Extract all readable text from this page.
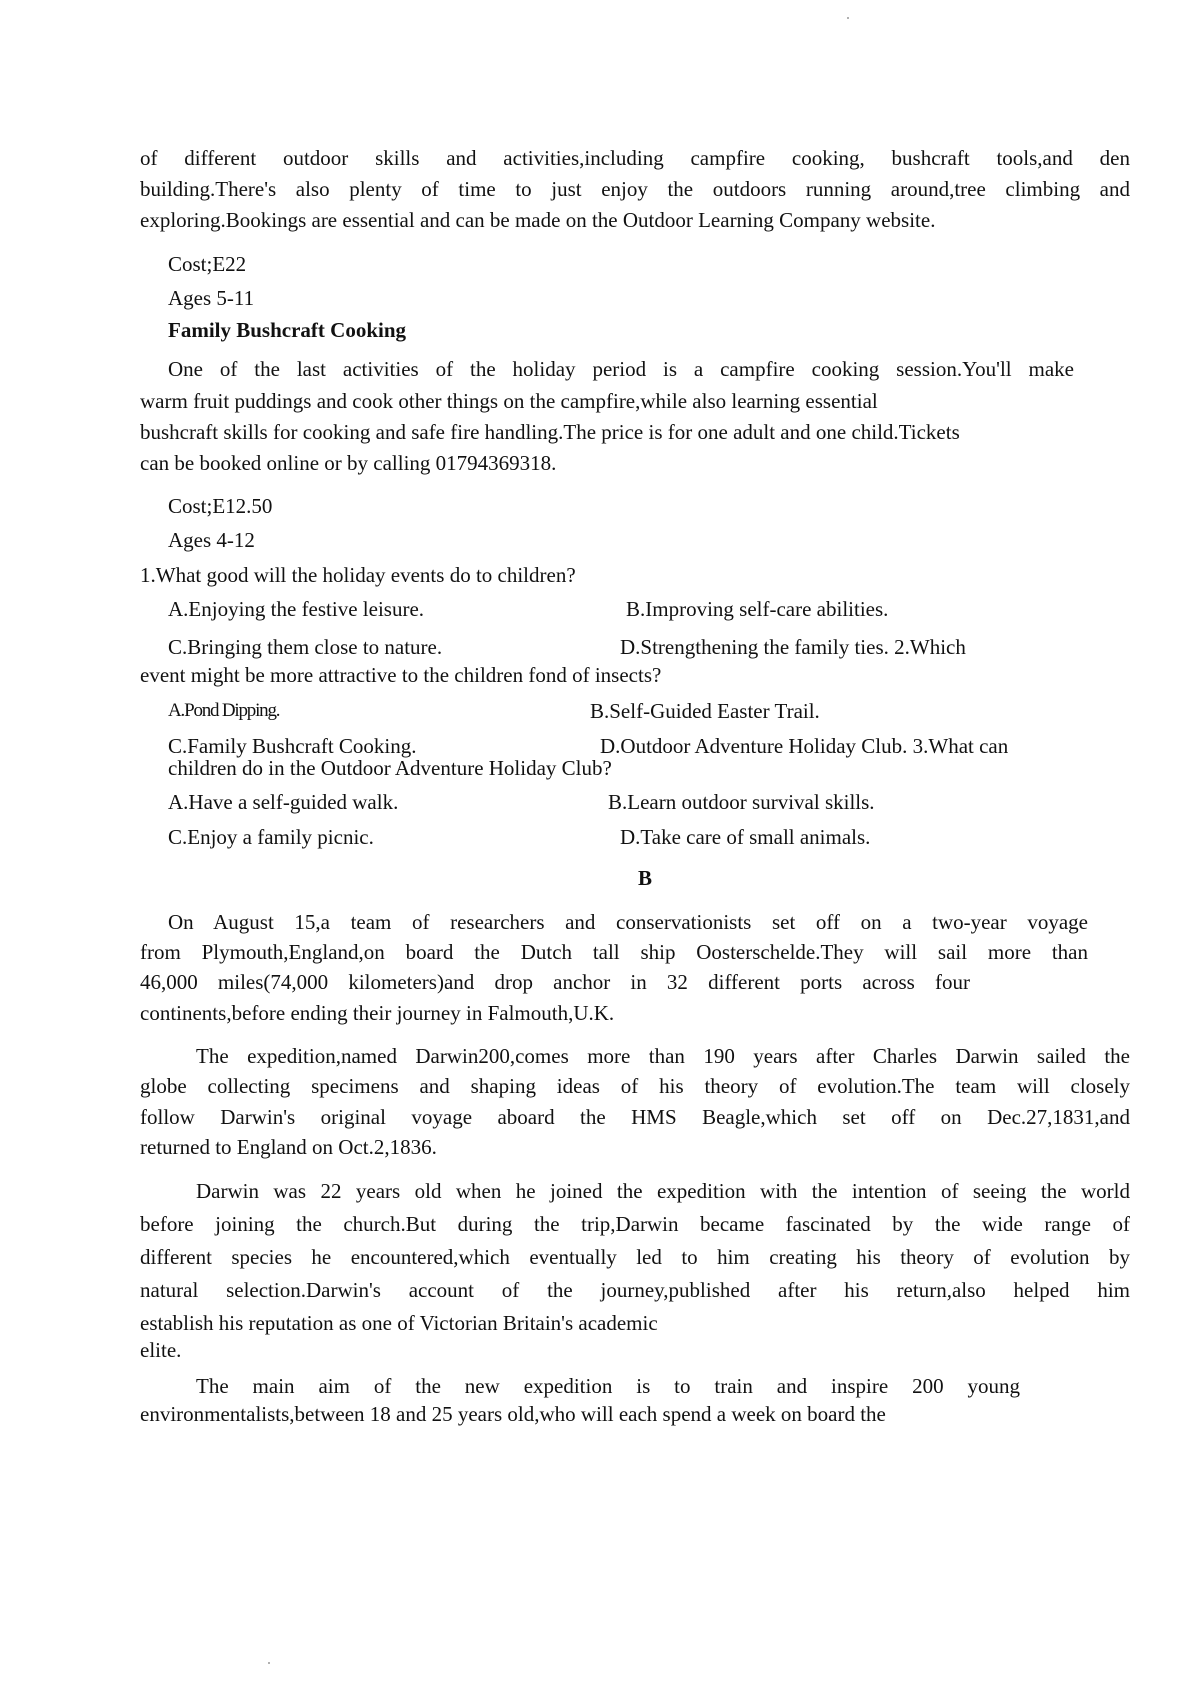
of different outdoor skills and activities,including campfire cooking, bushcraft tools,and den
building.There's also plenty of time to just enjoy the outdoors running around,tree climbing and
exploring.Bookings are essential and can be made on the Outdoor Learning Company website.
Cost;E22
Ages 5-11
Family Bushcraft Cooking
One of the last activities of the holiday period is a campfire cooking session.You'll make
warm fruit puddings and cook other things on the campfire,while also learning essential
bushcraft skills for cooking and safe fire handling.The price is for one adult and one child.Tickets
can be booked online or by calling 01794369318.
Cost;E12.50
Ages 4-12
1.What good will the holiday events do to children?
A.Enjoying the festive leisure.	B.Improving self-care abilities.
C.Bringing them close to nature.	D.Strengthening the family ties. 2.Which
event might be more attractive to the children fond of insects?
A.Pond Dipping.	B.Self-Guided Easter Trail.
C.Family Bushcraft Cooking.	D.Outdoor Adventure Holiday Club. 3.What can
children do in the Outdoor Adventure Holiday Club?
A.Have a self-guided walk.	B.Learn outdoor survival skills.
C.Enjoy a family picnic.	D.Take care of small animals.
B
On August 15,a team of researchers and conservationists set off on a two-year voyage
from Plymouth,England,on board the Dutch tall ship Oosterschelde.They will sail more than
46,000 miles(74,000 kilometers)and drop anchor in 32 different ports across four
continents,before ending their journey in Falmouth,U.K.
The expedition,named Darwin200,comes more than 190 years after Charles Darwin sailed the
globe collecting specimens and shaping ideas of his theory of evolution.The team will closely
follow Darwin's original voyage aboard the HMS Beagle,which set off on Dec.27,1831,and
returned to England on Oct.2,1836.
Darwin was 22 years old when he joined the expedition with the intention of seeing the world
before joining the church.But during the trip,Darwin became fascinated by the wide range of
different species he encountered,which eventually led to him creating his theory of evolution by
natural selection.Darwin's account of the journey,published after his return,also helped him
establish his reputation as one of Victorian Britain's academic
elite.
The main aim of the new expedition is to train and inspire 200 young
environmentalists,between 18 and 25 years old,who will each spend a week on board the
